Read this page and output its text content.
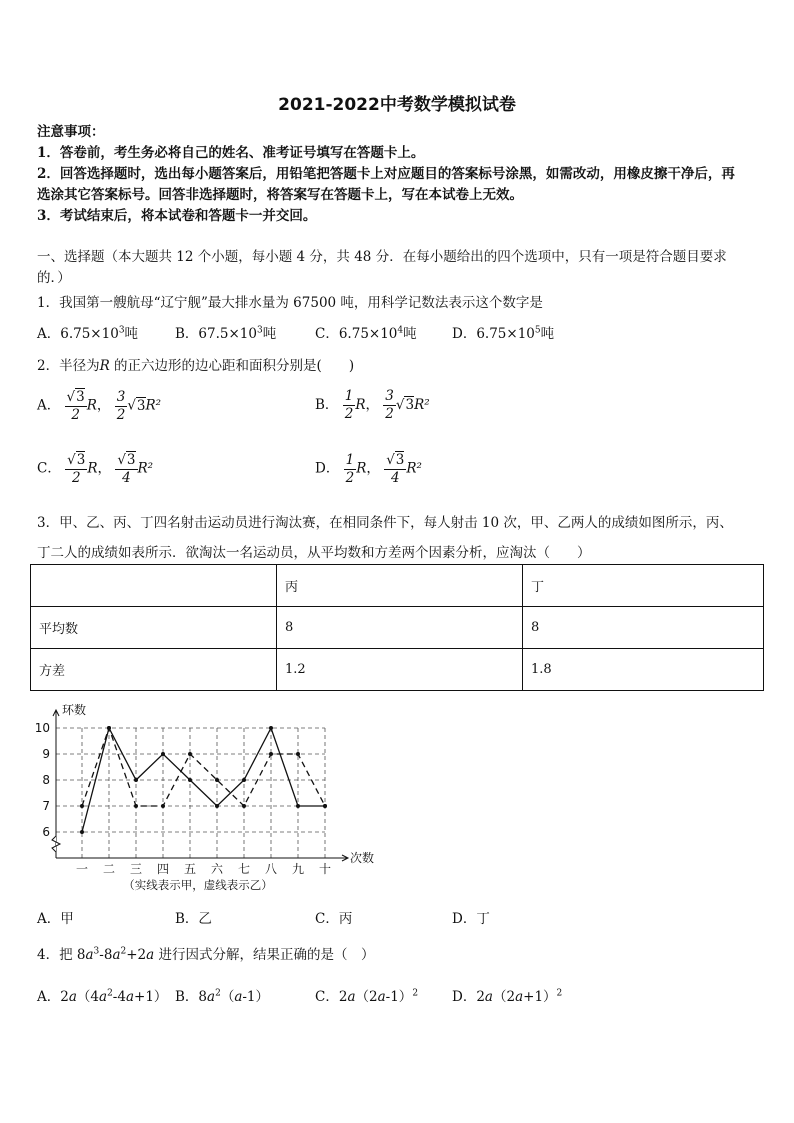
2021-2022中考数学模拟试卷
注意事项：
1．答卷前，考生务必将自己的姓名、准考证号填写在答题卡上。
2．回答选择题时，选出每小题答案后，用铅笔把答题卡上对应题目的答案标号涂黑，如需改动，用橡皮擦干净后，再
选涂其它答案标号。回答非选择题时，将答案写在答题卡上，写在本试卷上无效。
3．考试结束后，将本试卷和答题卡一并交回。
一、选择题（本大题共 12 个小题，每小题 4 分，共 48 分．在每小题给出的四个选项中，只有一项是符合题目要求
的．）
1．我国第一艘航母“辽宁舰”最大排水量为 67500 吨，用科学记数法表示这个数字是
A．$6.75\times 10^3$吨	B．$67.5\times 10^3$吨	C．$6.75\times 10^4$吨	D．$6.75\times 10^5$吨
2．半径为R 的正六边形的边心距和面积分别是(　　)
A． $\frac{√3}{2}$ R， $\frac{3}{2} √3R^2$	B． $\frac{1}{2}$ R， $\frac{3}{2} √3R^2$
C． $\frac{√3}{2}$ R， $\frac{√3}{4} R^2$	D． $\frac{1}{2}$ R， $\frac{√3}{4} R^2$
3．甲、乙、丙、丁四名射击运动员进行淘汰赛，在相同条件下，每人射击 10 次，甲、乙两人的成绩如图所示，丙、
丁二人的成绩如表所示．欲淘汰一名运动员，从平均数和方差两个因素分析，应淘汰（　　）
	丙	丁
平均数	8	8
方差	1.2	1.8
6
7
8
9
10
一 二 三 四 五 六 七 八 九 十
环数
次数
（实线表示甲，虚线表示乙）
A．甲	B．乙	C．丙	D．丁
4．把 $8a^3-8a^2+2a$ 进行因式分解，结果正确的是（　）
A．$2a(4a^2-4a+1)$ B．$8a^2(a-1)$	C．$2a(2a-1)^2$	D．$2a(2a+1)^2$
